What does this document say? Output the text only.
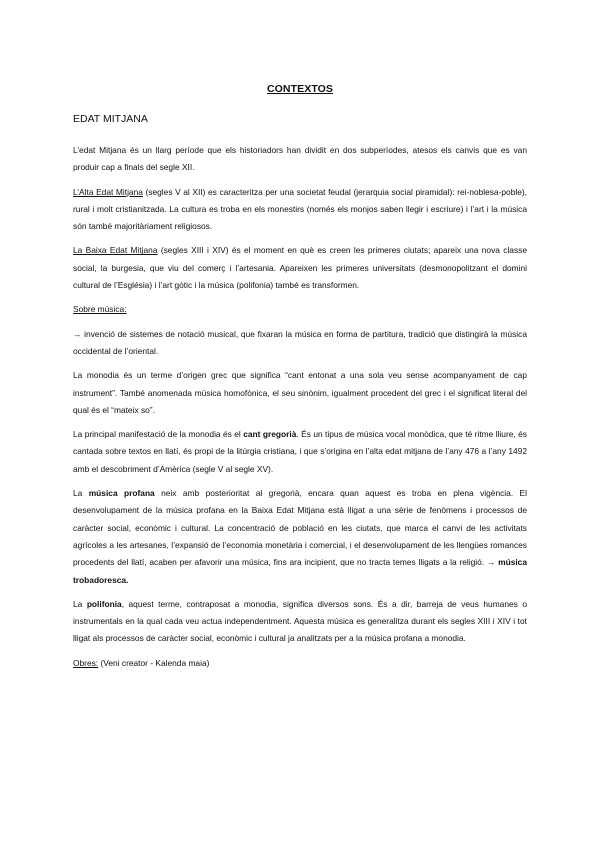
CONTEXTOS
EDAT MITJANA

L’edat Mitjana és un llarg període que els historiadors han dividit en dos subperíodes, atesos els canvis que es van produir cap a finals del segle XII.

L’Alta Edat Mitjana (segles V al XII) es caracteritza per una societat feudal (jerarquia social piramidal): rei-noblesa-poble), rural i molt cristianitzada. La cultura es troba en els monestirs (només els monjos saben llegir i escriure) i l’art i la música són també majoritàriament religiosos.

La Baixa Edat Mitjana (segles XIII i XIV) és el moment en què es creen les primeres ciutats; apareix una nova classe social, la burgesia, que viu del comerç i l’artesania. Apareixen les primeres universitats (desmonopolitzant el domini cultural de l’Església) i l’art gòtic i la música (polifonia) també es transformen.

Sobre música:

→ invenció de sistemes de notació musical, que fixaran la música en forma de partitura, tradició que distingirà la música occidental de l’oriental.

La monodia és un terme d’origen grec que significa “cant entonat a una sola veu sense acompanyament de cap instrument”. També anomenada música homofònica, el seu sinònim, igualment procedent del grec i el significat literal del qual és el “mateix so”.

La principal manifestació de la monodia és el cant gregorià. És un tipus de música vocal monòdica, que té ritme lliure, és cantada sobre textos en llatí, és propi de la litúrgia cristiana, i que s’origina en l’alta edat mitjana de l’any 476 a l’any 1492 amb el descobriment d’Amèrica (segle V al segle XV).

La música profana neix amb posterioritat al gregorià, encara quan aquest es troba en plena vigència. El desenvolupament de la música profana en la Baixa Edat Mitjana està lligat a una sèrie de fenòmens i processos de caràcter social, econòmic i cultural. La concentració de població en les ciutats, que marca el canvi de les activitats agrícoles a les artesanes, l’expansió de l’economia monetària i comercial, i el desenvolupament de les llengües romances procedents del llatí, acaben per afavorir una música, fins ara incipient, que no tracta temes lligats a la religió. → música trobadoresca.

La polifonia, aquest terme, contraposat a monodia, significa diversos sons. És a dir, barreja de veus humanes o instrumentals en la qual cada veu actua independentment. Aquesta música es generalitza durant els segles XIII i XIV i tot lligat als processos de caràcter social, econòmic i cultural ja analitzats per a la música profana a monodia.

Obres: (Veni creator - Kalenda maia)
